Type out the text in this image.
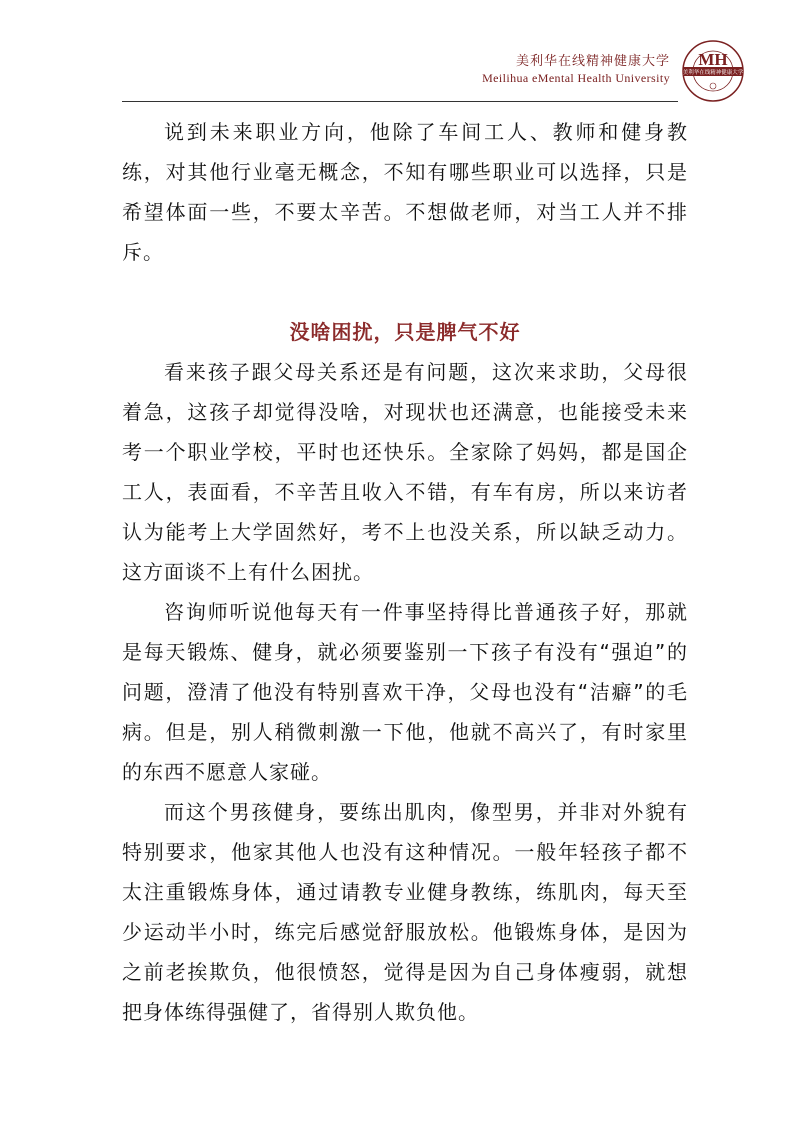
美利华在线精神健康大学
Meilihua eMental Health University
MH
美利华在线精神健康大学

说到未来职业方向，他除了车间工人、教师和健身教练，对其他行业毫无概念，不知有哪些职业可以选择，只是希望体面一些，不要太辛苦。不想做老师，对当工人并不排斥。

没啥困扰，只是脾气不好

看来孩子跟父母关系还是有问题，这次来求助，父母很着急，这孩子却觉得没啥，对现状也还满意，也能接受未来考一个职业学校，平时也还快乐。全家除了妈妈，都是国企工人，表面看，不辛苦且收入不错，有车有房，所以来访者认为能考上大学固然好，考不上也没关系，所以缺乏动力。这方面谈不上有什么困扰。

咨询师听说他每天有一件事坚持得比普通孩子好，那就是每天锻炼、健身，就必须要鉴别一下孩子有没有“强迫”的问题，澄清了他没有特别喜欢干净，父母也没有“洁癖”的毛病。但是，别人稍微刺激一下他，他就不高兴了，有时家里的东西不愿意人家碰。

而这个男孩健身，要练出肌肉，像型男，并非对外貌有特别要求，他家其他人也没有这种情况。一般年轻孩子都不太注重锻炼身体，通过请教专业健身教练，练肌肉，每天至少运动半小时，练完后感觉舒服放松。他锻炼身体，是因为之前老挨欺负，他很愤怒，觉得是因为自己身体瘦弱，就想把身体练得强健了，省得别人欺负他。
